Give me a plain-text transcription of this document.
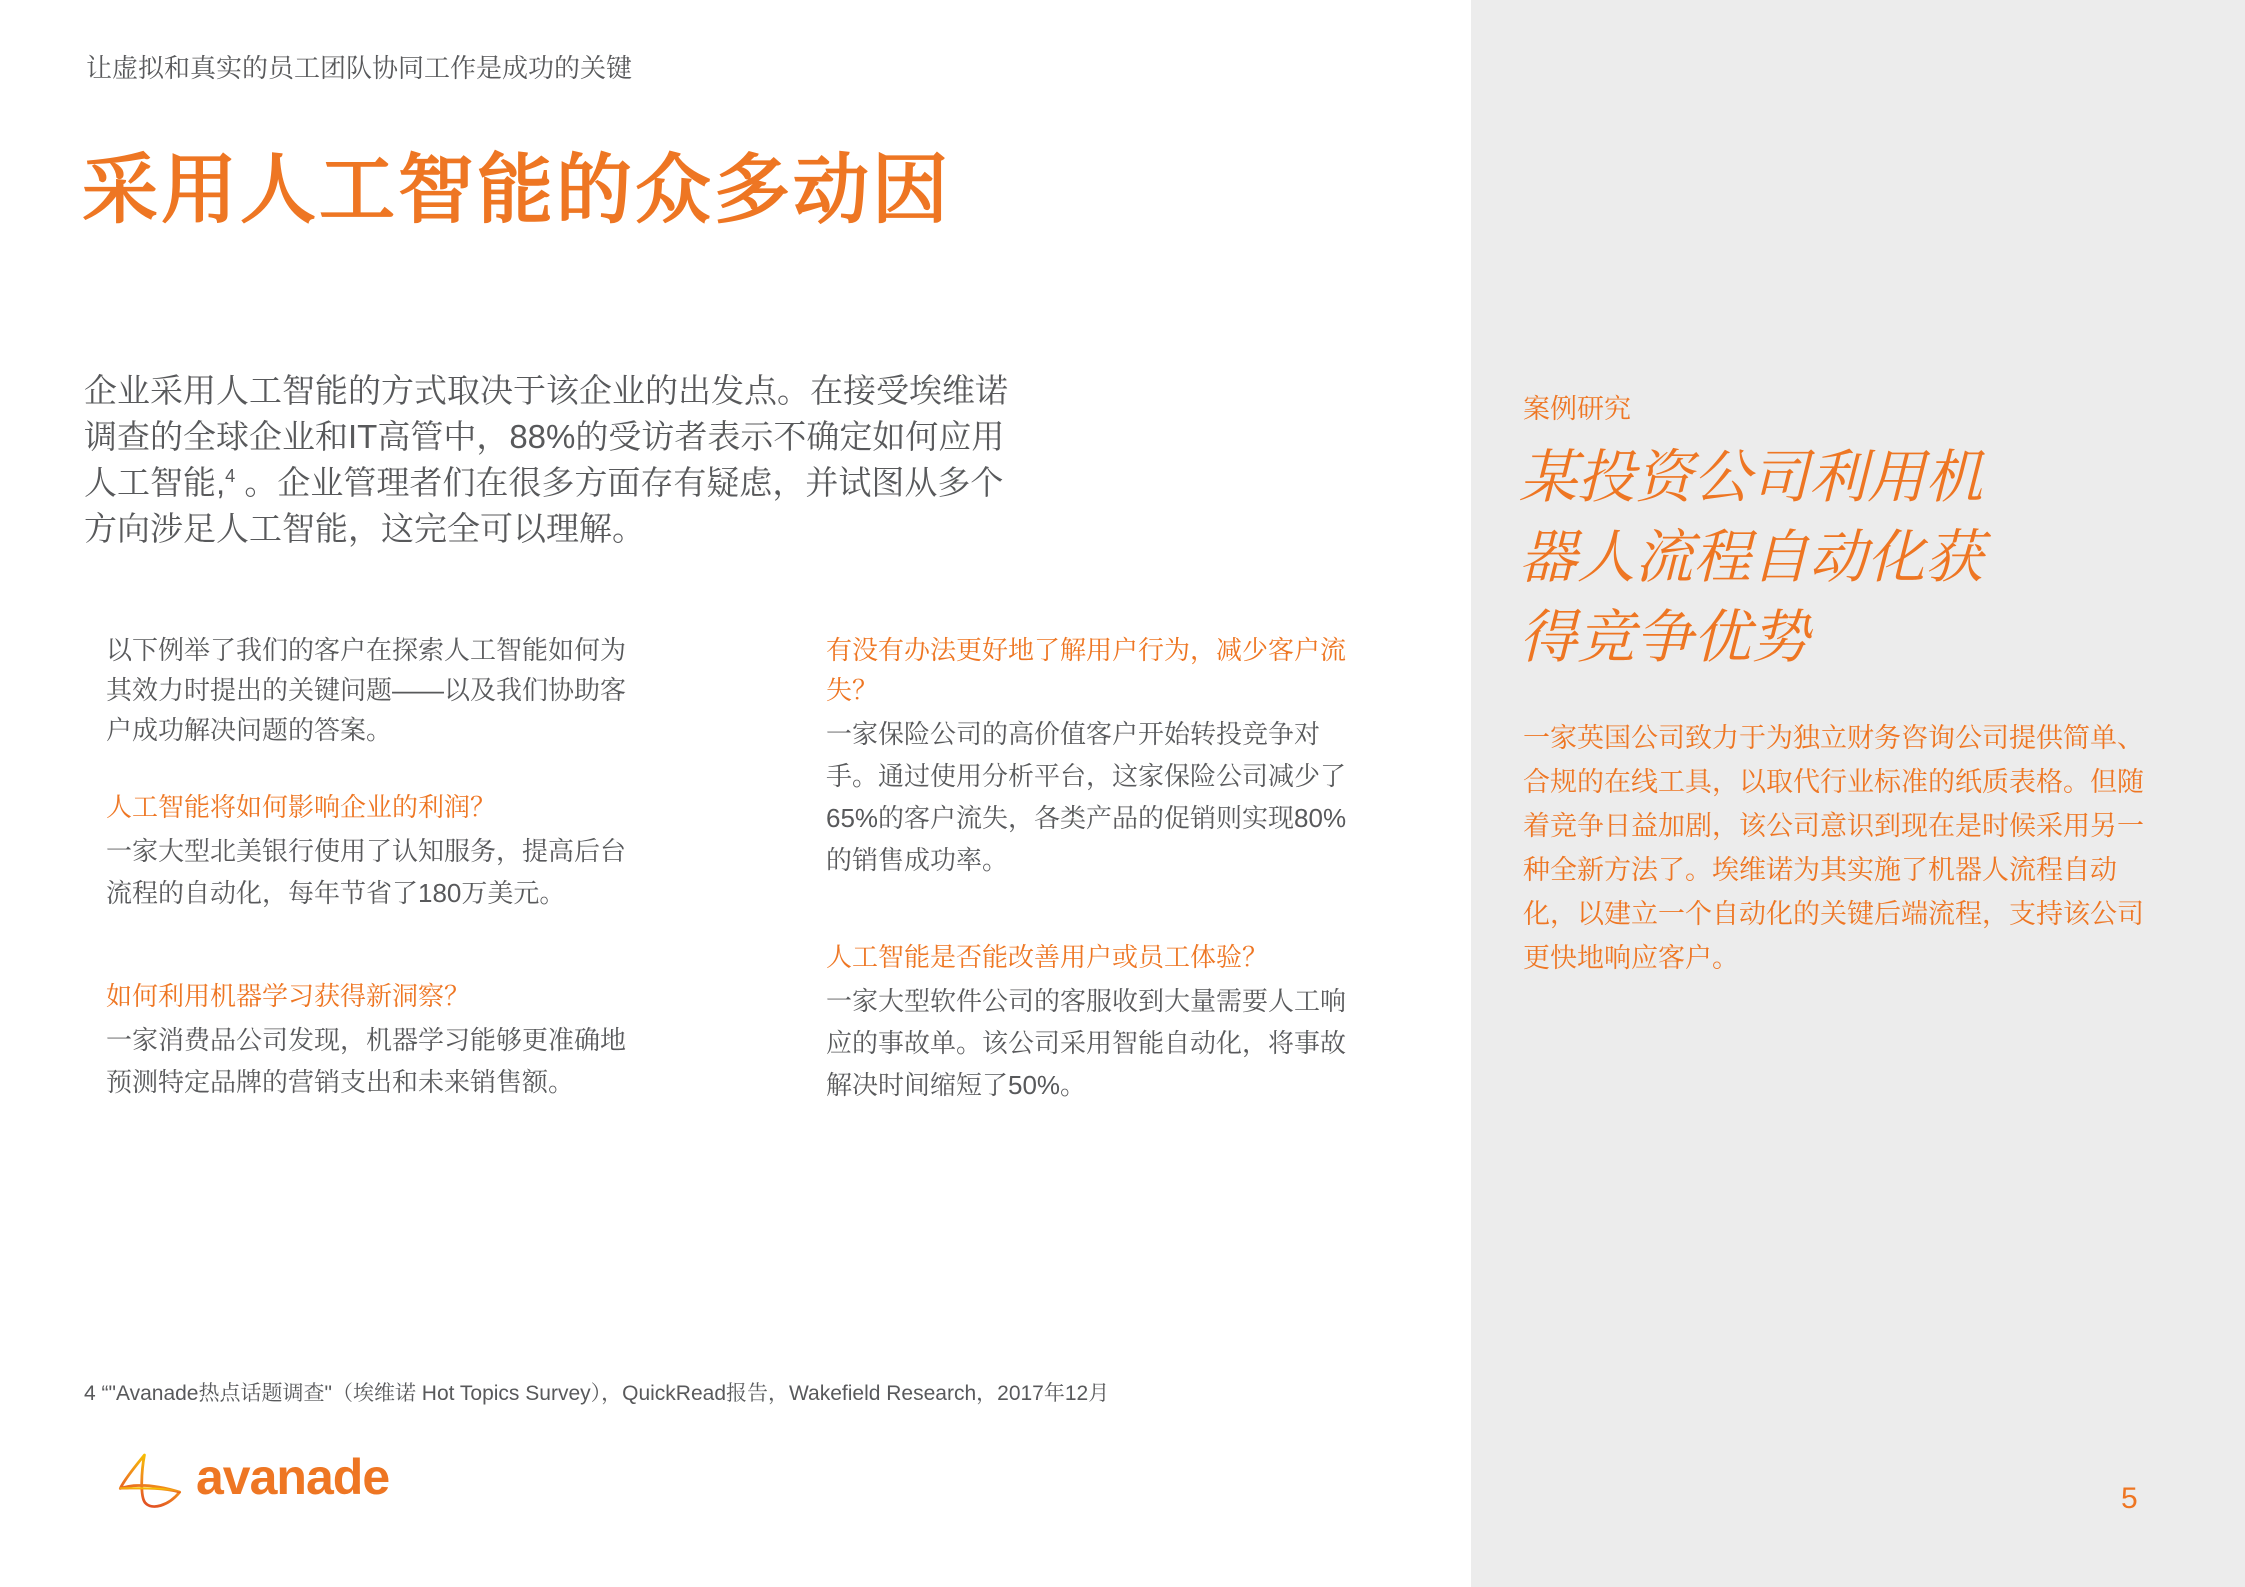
让虚拟和真实的员工团队协同工作是成功的关键
采用人工智能的众多动因

企业采用人工智能的方式取决于该企业的出发点。在接受埃维诺调查的全球企业和IT高管中，88%的受访者表示不确定如何应用人工智能,$^4$ 。企业管理者们在很多方面存有疑虑，并试图从多个方向涉足人工智能，这完全可以理解。

以下例举了我们的客户在探索人工智能如何为其效力时提出的关键问题——以及我们协助客户成功解决问题的答案。

人工智能将如何影响企业的利润？

一家大型北美银行使用了认知服务，提高后台流程的自动化，每年节省了180万美元。

如何利用机器学习获得新洞察？

一家消费品公司发现，机器学习能够更准确地预测特定品牌的营销支出和未来销售额。

有没有办法更好地了解用户行为，减少客户流失？

一家保险公司的高价值客户开始转投竞争对手。通过使用分析平台，这家保险公司减少了65%的客户流失，各类产品的促销则实现80%的销售成功率。

人工智能是否能改善用户或员工体验？

一家大型软件公司的客服收到大量需要人工响应的事故单。该公司采用智能自动化，将事故解决时间缩短了50%。

4 “"Avanade热点话题调查"（埃维诺 Hot Topics Survey），QuickRead报告，Wakefield Research，2017年12月

avanade
案例研究
某投资公司利用机器人流程自动化获得竞争优势

一家英国公司致力于为独立财务咨询公司提供简单、合规的在线工具，以取代行业标准的纸质表格。但随着竞争日益加剧，该公司意识到现在是时候采用另一种全新方法了。埃维诺为其实施了机器人流程自动化，以建立一个自动化的关键后端流程，支持该公司更快地响应客户。

5
